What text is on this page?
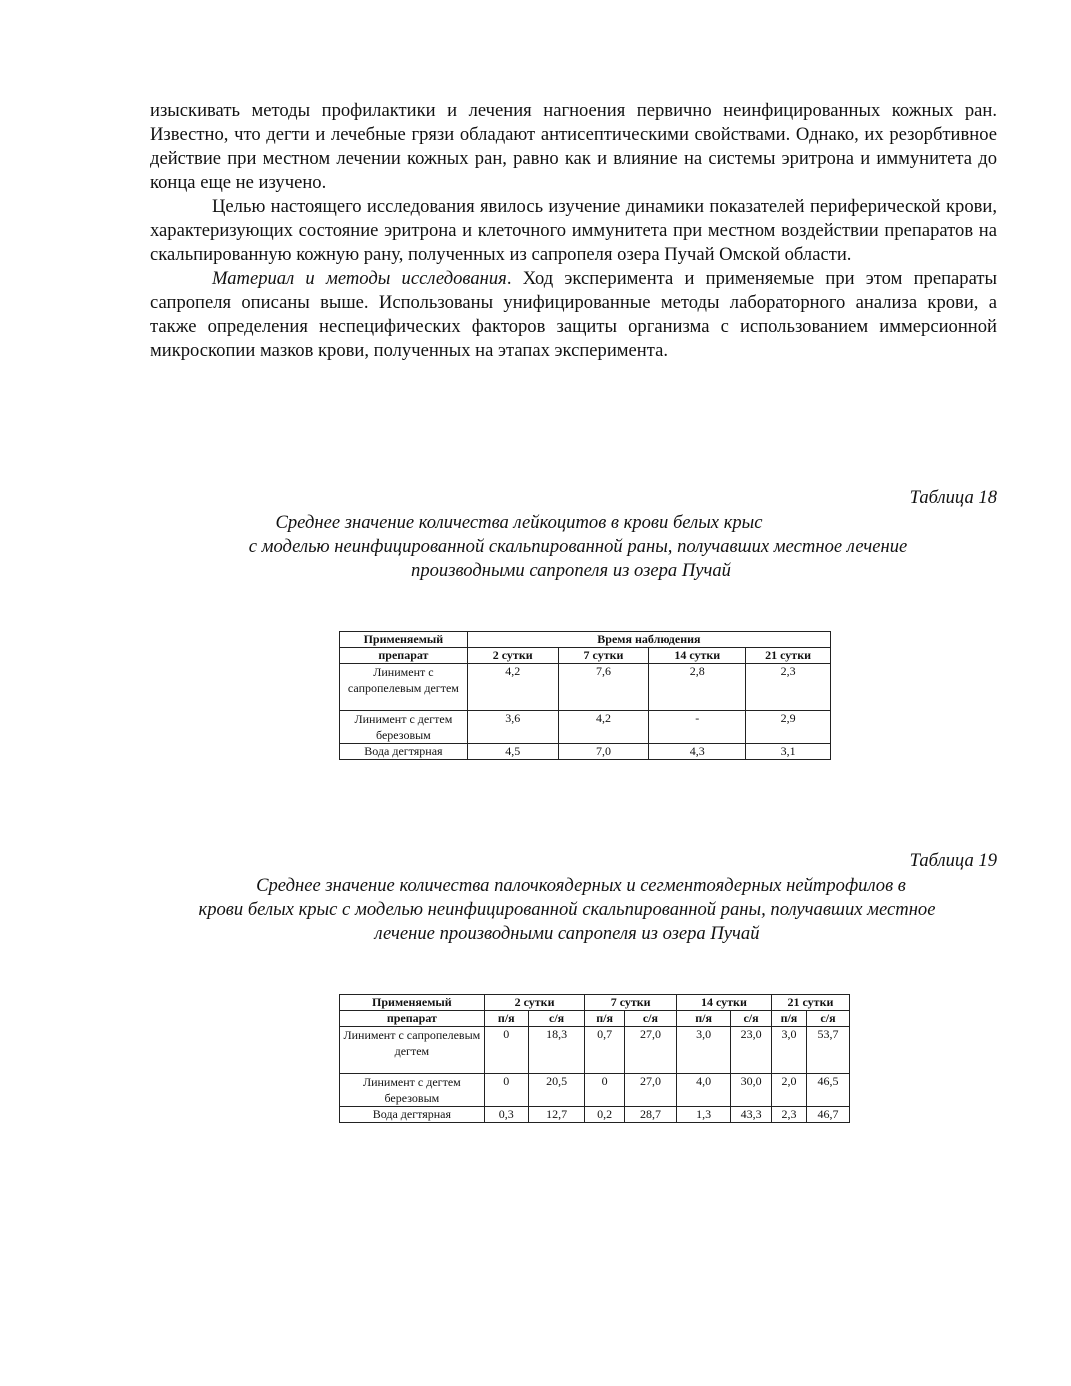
изыскивать методы профилактики и лечения нагноения первично неинфицированных кожных ран. Известно, что дегти и лечебные грязи обладают антисептическими свойствами. Однако, их резорбтивное действие при местном лечении кожных ран, равно как и влияние на системы эритрона и иммунитета до конца еще не изучено.

Целью настоящего исследования явилось изучение динамики показателей периферической крови, характеризующих состояние эритрона и клеточного иммунитета при местном воздействии препаратов на скальпированную кожную рану, полученных из сапропеля озера Пучай Омской области.

Материал и методы исследования. Ход эксперимента и применяемые при этом препараты сапропеля описаны выше. Использованы унифицированные методы лабораторного анализа крови, а также определения неспецифических факторов защиты организма с использованием иммерсионной микроскопии мазков крови, полученных на этапах эксперимента.

Таблица 18
Среднее значение количества лейкоцитов в крови белых крыс
с моделью неинфицированной скальпированной раны, получавших местное лечение
производными сапропеля из озера Пучай
Применяемый	Время наблюдения			
препарат	2 сутки	7 сутки	14 сутки	21 сутки
Линимент с сапропелевым дегтем	4,2	7,6	2,8	2,3
Линимент с дегтем березовым	3,6	4,2	-	2,9
Вода дегтярная	4,5	7,0	4,3	3,1
Таблица 19
Среднее значение количества палочкоядерных и сегментоядерных нейтрофилов в
крови белых крыс с моделью неинфицированной скальпированной раны, получавших местное
лечение производными сапропеля из озера Пучай
Применяемый	2 сутки		7 сутки		14 сутки		21 сутки	
препарат	п/я	с/я	п/я	с/я	п/я	с/я	п/я	с/я
Линимент с сапропелевым дегтем	0	18,3	0,7	27,0	3,0	23,0	3,0	53,7
Линимент с дегтем березовым	0	20,5	0	27,0	4,0	30,0	2,0	46,5
Вода дегтярная	0,3	12,7	0,2	28,7	1,3	43,3	2,3	46,7
